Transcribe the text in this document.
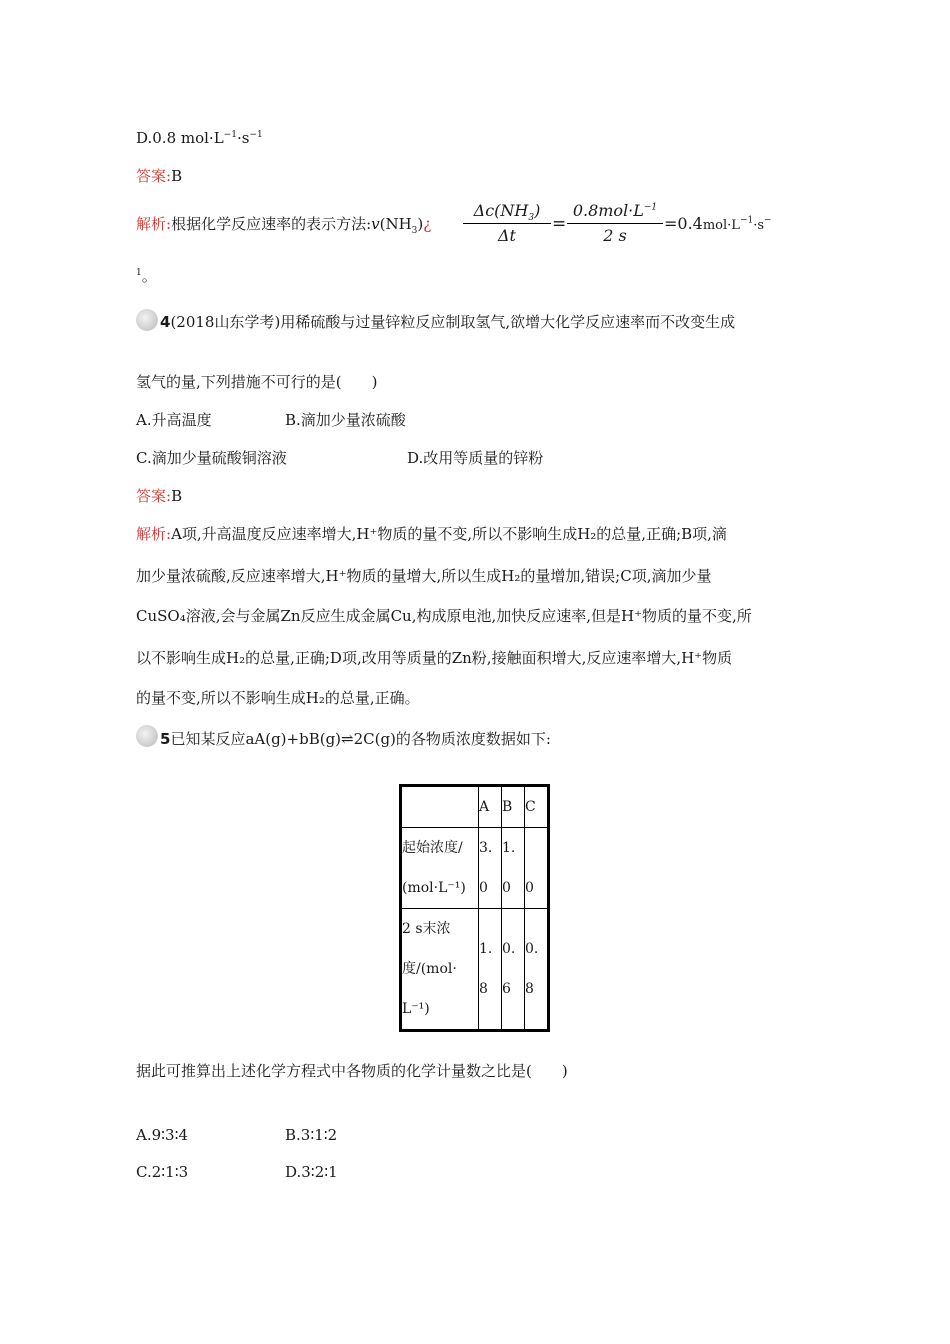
D.0.8 $mol\cdot L^{-1}\cdot s^{-1}$
答案:B
解析:根据化学反应速率的表示方法$:v(NH_3)¿$
$\Delta c(NH_3)$
Δt
=
$0.8mol\cdot L^{-1}$
2 s
$=0.4mol\cdot L^{-1}\cdot s^-$
$^1$。
4(2018山东学考)用稀硫酸与过量锌粒反应制取氢气,欲增大化学反应速率而不改变生成
氢气的量,下列措施不可行的是(　　)
A.升高温度	B.滴加少量浓硫酸
C.滴加少量硫酸铜溶液	D.改用等质量的锌粉
答案:B
解析:A项,升高温度反应速率增大,H⁺物质的量不变,所以不影响生成H₂的总量,正确;B项,滴
加少量浓硫酸,反应速率增大,H⁺物质的量增大,所以生成H₂的量增加,错误;C项,滴加少量
CuSO₄溶液,会与金属Zn反应生成金属Cu,构成原电池,加快反应速率,但是H⁺物质的量不变,所
以不影响生成H₂的总量,正确;D项,改用等质量的Zn粉,接触面积增大,反应速率增大,H⁺物质
的量不变,所以不影响生成H₂的总量,正确。
5已知某反应aA(g)+bB(g)⇌2C(g)的各物质浓度数据如下:
	A	B	C

起始浓度/
(mol·L⁻¹)	3.
0	1.
0	0

2 s末浓
度/(mol·
L⁻¹)	1.
8	0.
6	0.
8
据此可推算出上述化学方程式中各物质的化学计量数之比是(　　)
A.9∶3∶4	B.3∶1∶2
C.2∶1∶3	D.3∶2∶1
